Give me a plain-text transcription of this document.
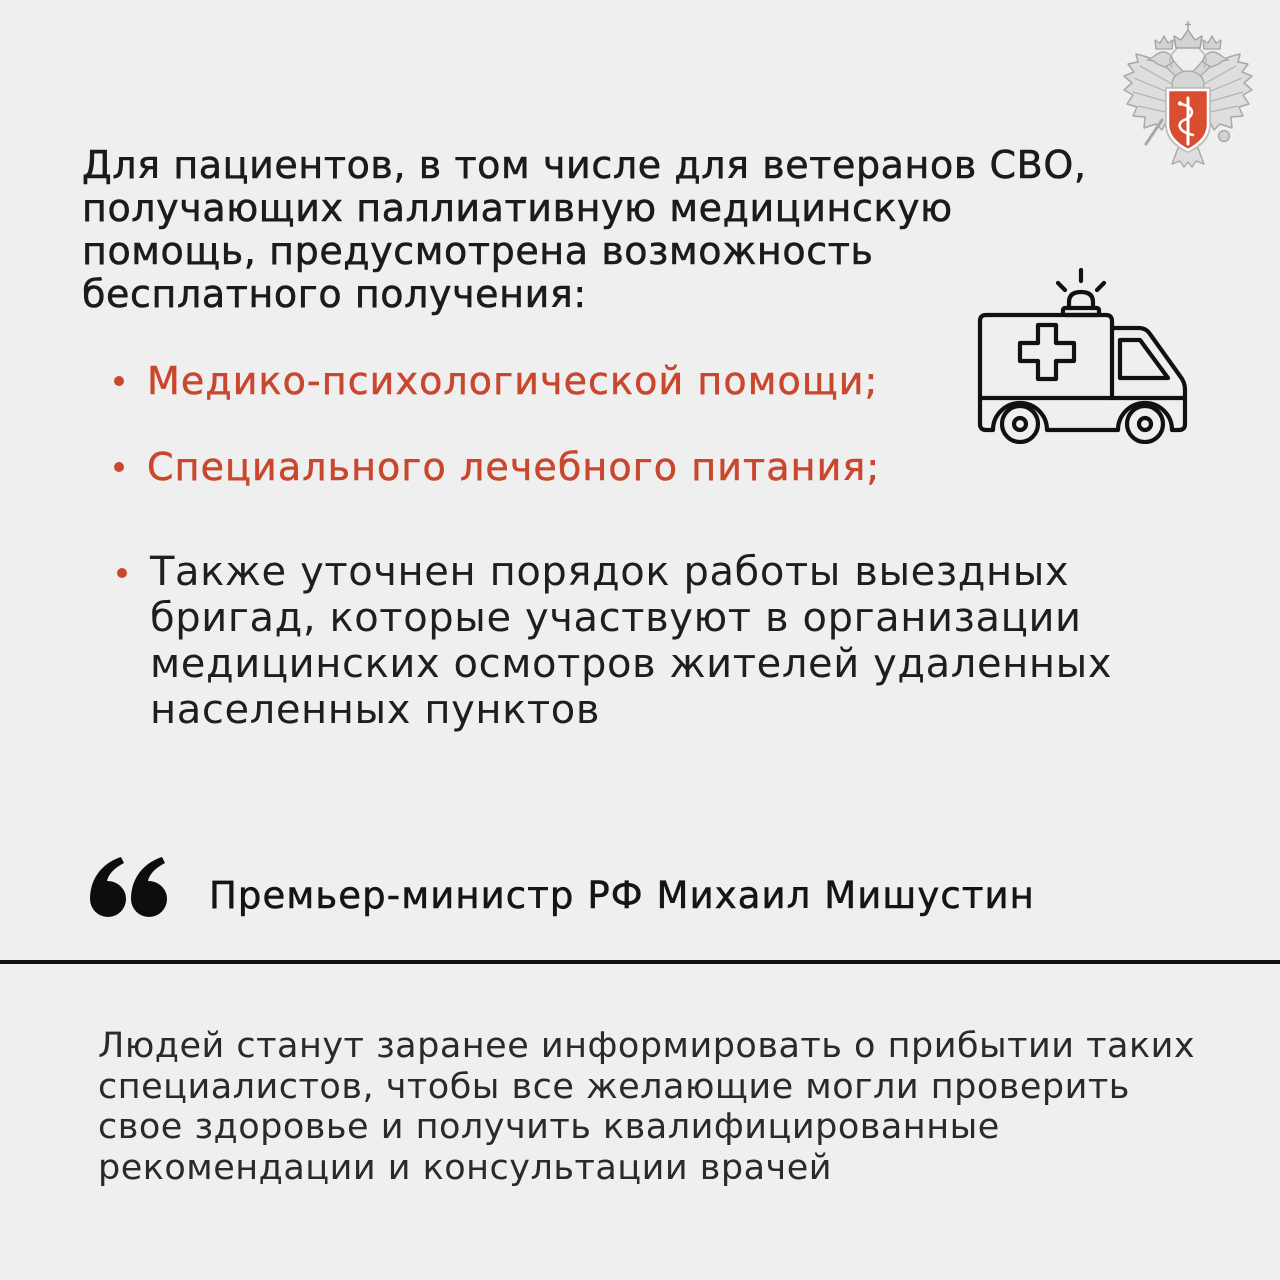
Для пациентов, в том числе для ветеранов СВО,
получающих паллиативную медицинскую
помощь, предусмотрена возможность
бесплатного получения:

Медико-психологической помощи;

Специального лечебного питания;

Также уточнен порядок работы выездных
бригад, которые участвуют в организации
медицинских осмотров жителей удаленных
населенных пунктов

Премьер-министр РФ Михаил Мишустин

Людей станут заранее информировать о прибытии таких
специалистов, чтобы все желающие могли проверить
свое здоровье и получить квалифицированные
рекомендации и консультации врачей
